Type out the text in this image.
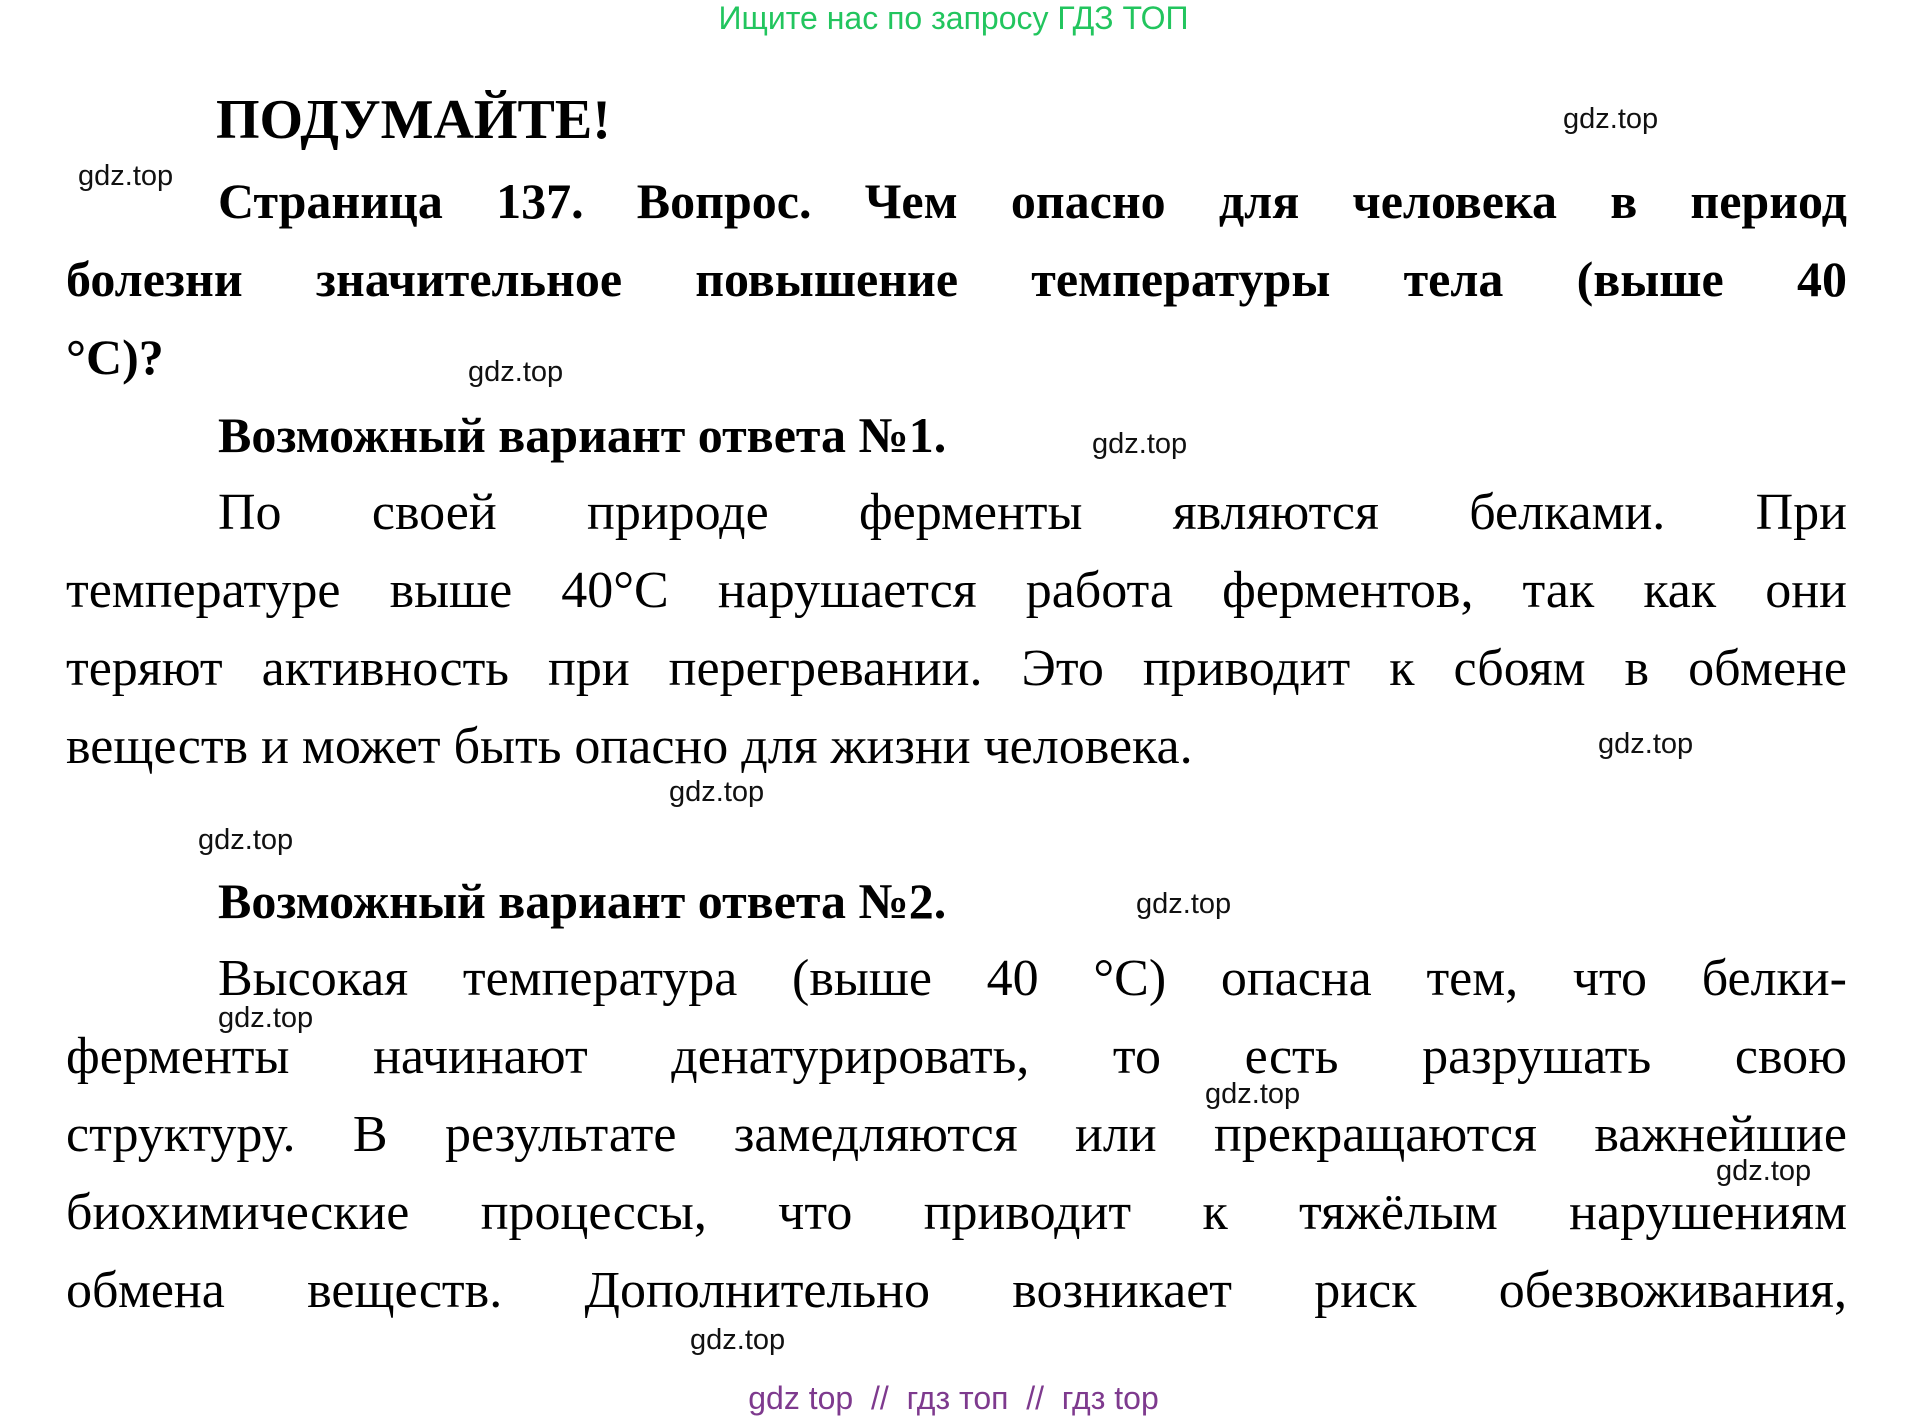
Ищите нас по запросу ГДЗ ТОП
ПОДУМАЙТЕ!
Страница 137. Вопрос. Чем опасно для человека в период
болезни значительное повышение температуры тела (выше 40
°С)?
Возможный вариант ответа №1.
По своей природе ферменты являются белками. При
температуре выше 40°C нарушается работа ферментов, так как они
теряют активность при перегревании. Это приводит к сбоям в обмене
веществ и может быть опасно для жизни человека.
Возможный вариант ответа №2.
Высокая температура (выше 40 °C) опасна тем, что белки-
ферменты начинают денатурировать, то есть разрушать свою
структуру. В результате замедляются или прекращаются важнейшие
биохимические процессы, что приводит к тяжёлым нарушениям
обмена веществ. Дополнительно возникает риск обезвоживания,
gdz.top
gdz.top
gdz.top
gdz.top
gdz.top
gdz.top
gdz.top
gdz.top
gdz.top
gdz.top
gdz.top
gdz.top
gdz top  //  гдз топ  //  гдз top
